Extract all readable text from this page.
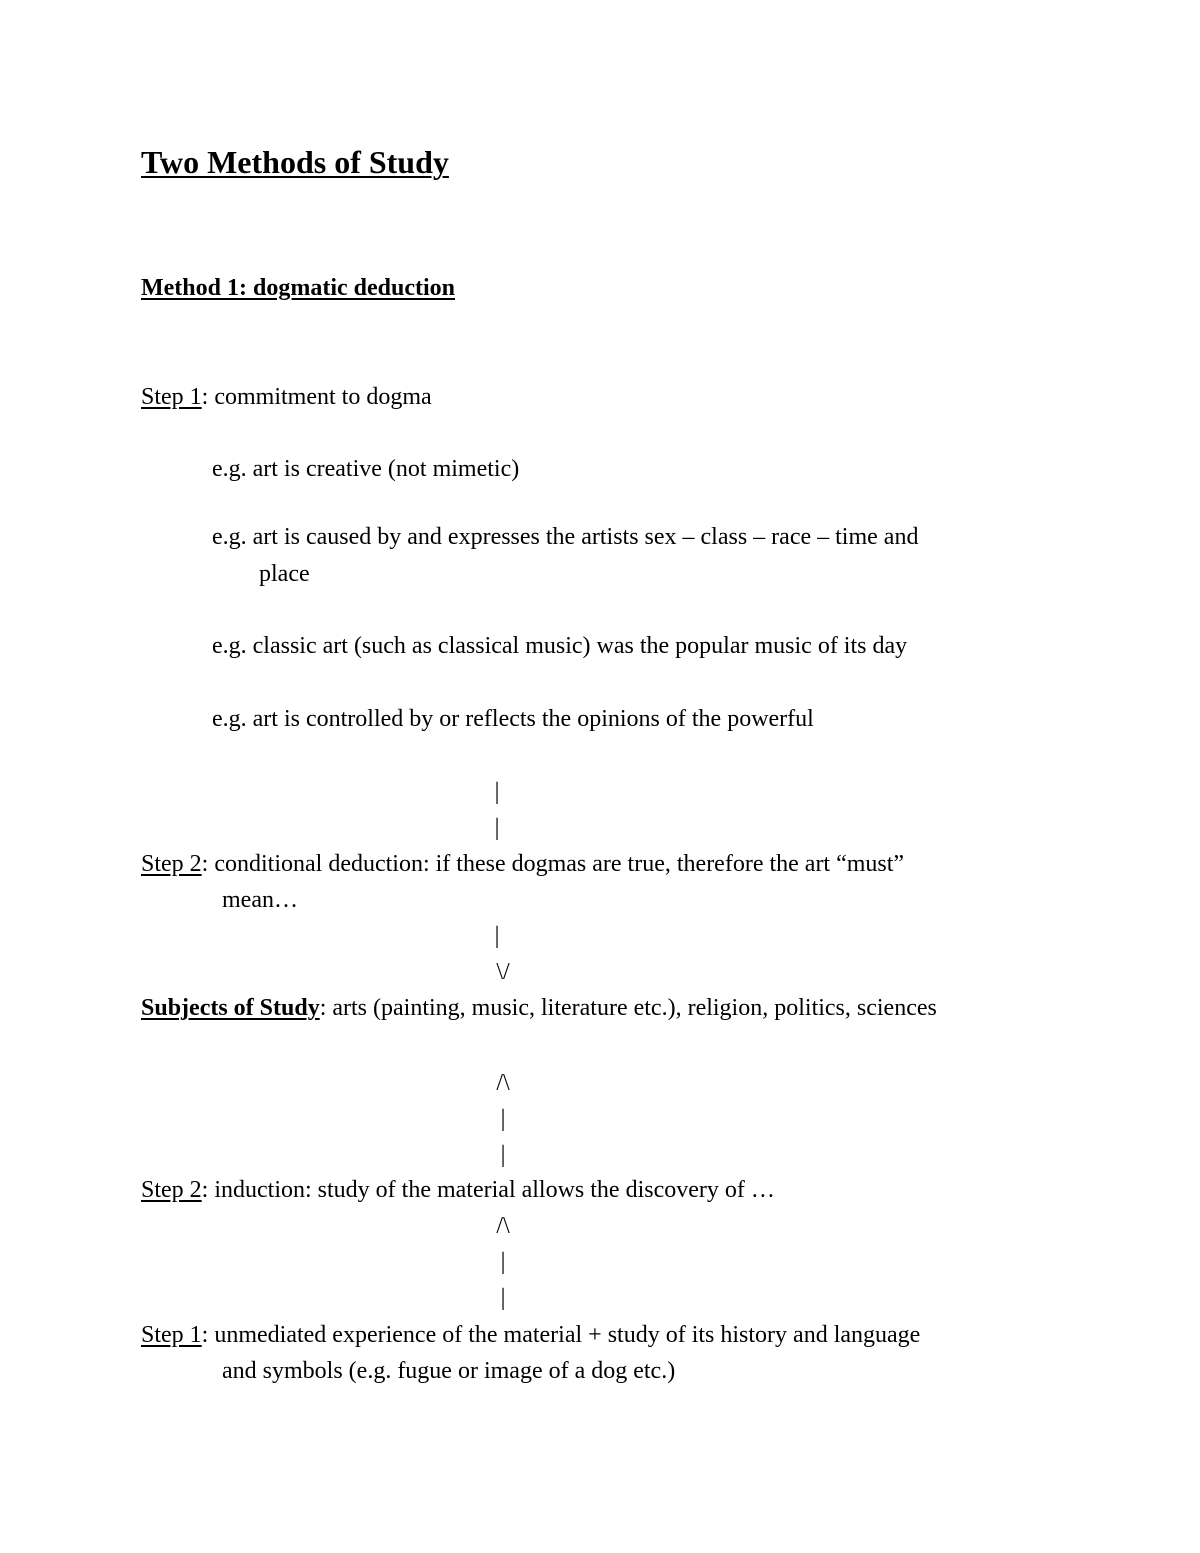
Two Methods of Study
Method 1: dogmatic deduction
Step 1: commitment to dogma
e.g. art is creative (not mimetic)
e.g. art is caused by and expresses the artists sex – class – race – time and
place
e.g. classic art (such as classical music) was the popular music of its day
e.g. art is controlled by or reflects the opinions of the powerful
|
|
Step 2: conditional deduction: if these dogmas are true, therefore the art “must”
mean…
|
\/
Subjects of Study: arts (painting, music, literature etc.), religion, politics, sciences
/\
|
|
Step 2: induction: study of the material allows the discovery of …
/\
|
|
Step 1: unmediated experience of the material + study of its history and language
and symbols (e.g. fugue or image of a dog etc.)
